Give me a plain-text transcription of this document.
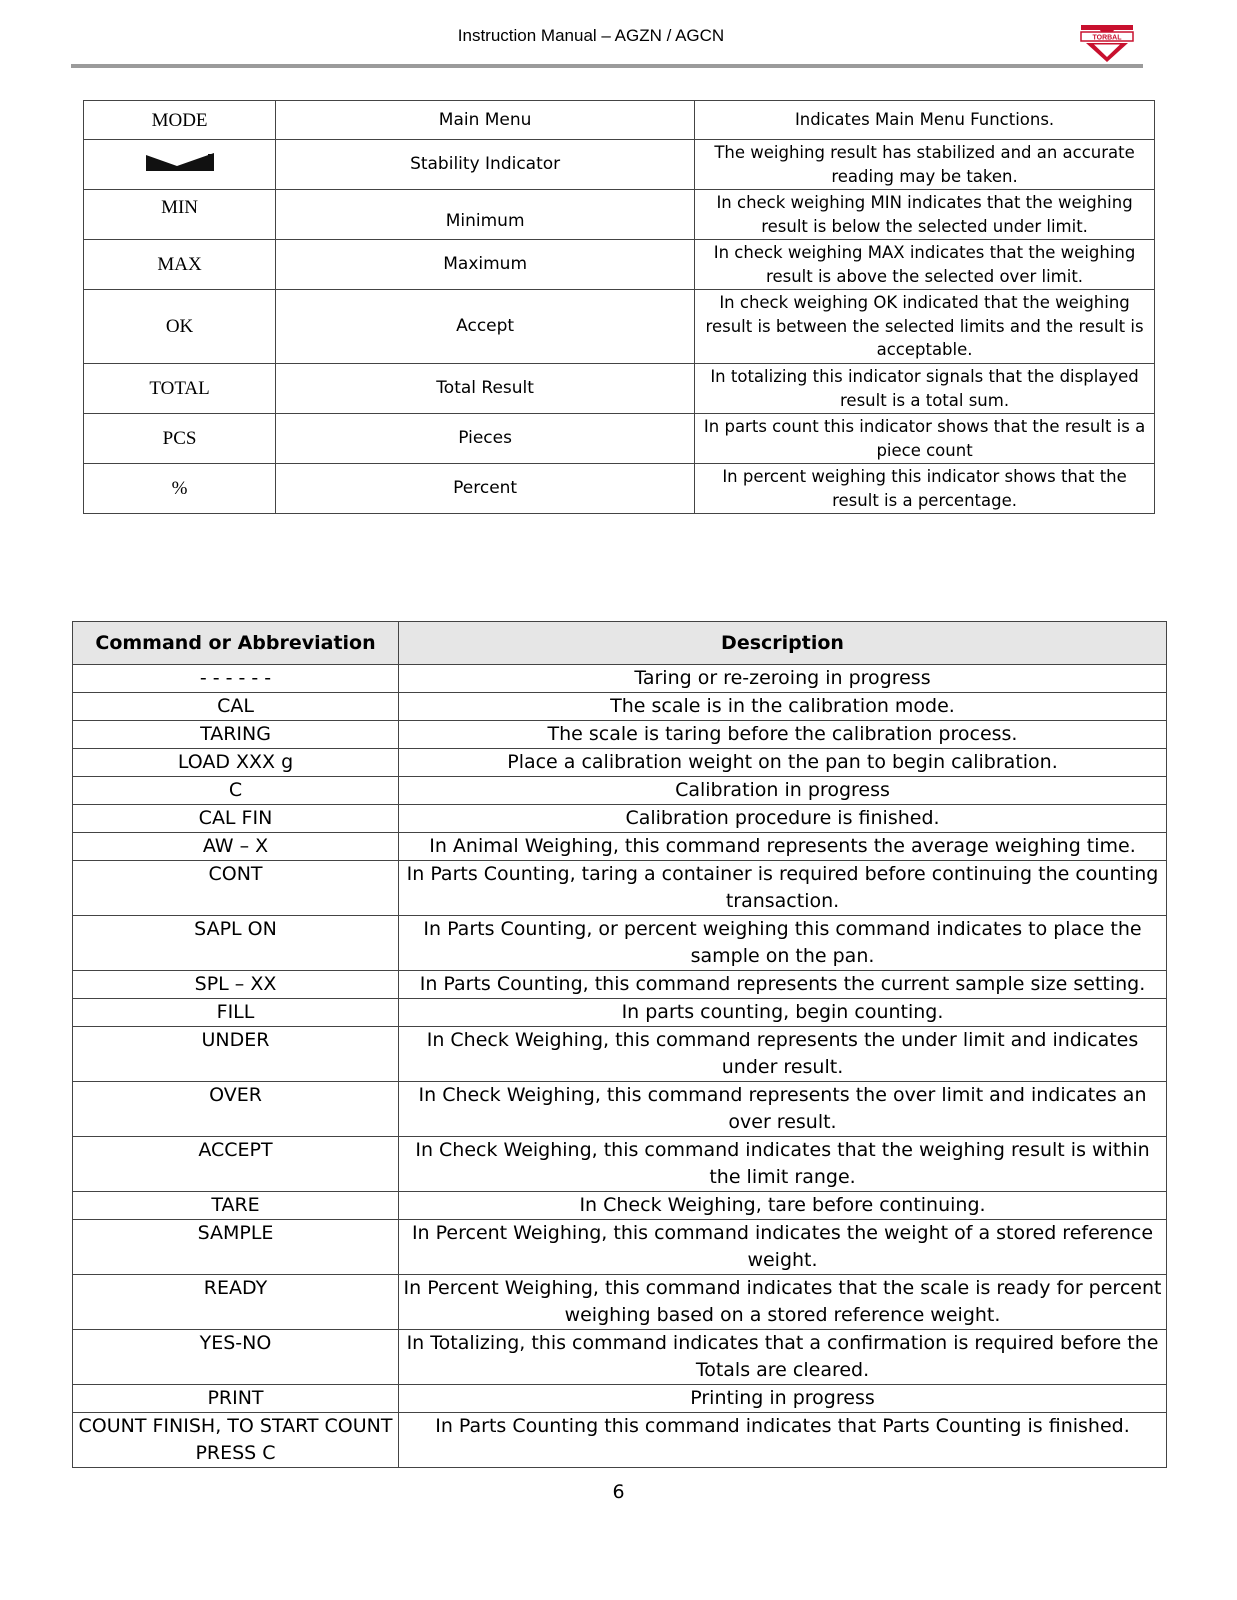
Instruction Manual – AGZN / AGCN	TORBAL
MODE	Main Menu	Indicates Main Menu Functions.
	Stability Indicator	The weighing result has stabilized and an accurate reading may be taken.
MIN	Minimum	In check weighing MIN indicates that the weighing result is below the selected under limit.
MAX	Maximum	In check weighing MAX indicates that the weighing result is above the selected over limit.
OK	Accept	In check weighing OK indicated that the weighing result is between the selected limits and the result is acceptable.
TOTAL	Total Result	In totalizing this indicator signals that the displayed result is a total sum.
PCS	Pieces	In parts count this indicator shows that the result is a piece count
%	Percent	In percent weighing this indicator shows that the result is a percentage.
Command or Abbreviation	Description
- - - - - -	Taring or re-zeroing in progress
CAL	The scale is in the calibration mode.
TARING	The scale is taring before the calibration process.
LOAD XXX g	Place a calibration weight on the pan to begin calibration.
C	Calibration in progress
CAL FIN	Calibration procedure is finished.
AW – X	In Animal Weighing, this command represents the average weighing time.
CONT	In Parts Counting, taring a container is required before continuing the counting transaction.
SAPL ON	In Parts Counting, or percent weighing this command indicates to place the sample on the pan.
SPL – XX	In Parts Counting, this command represents the current sample size setting.
FILL	In parts counting, begin counting.
UNDER	In Check Weighing, this command represents the under limit and indicates under result.
OVER	In Check Weighing, this command represents the over limit and indicates an over result.
ACCEPT	In Check Weighing, this command indicates that the weighing result is within the limit range.
TARE	In Check Weighing, tare before continuing.
SAMPLE	In Percent Weighing, this command indicates the weight of a stored reference weight.
READY	In Percent Weighing, this command indicates that the scale is ready for percent weighing based on a stored reference weight.
YES-NO	In Totalizing, this command indicates that a confirmation is required before the Totals are cleared.
PRINT	Printing in progress
COUNT FINISH, TO START COUNT PRESS C	In Parts Counting this command indicates that Parts Counting is finished.
6
